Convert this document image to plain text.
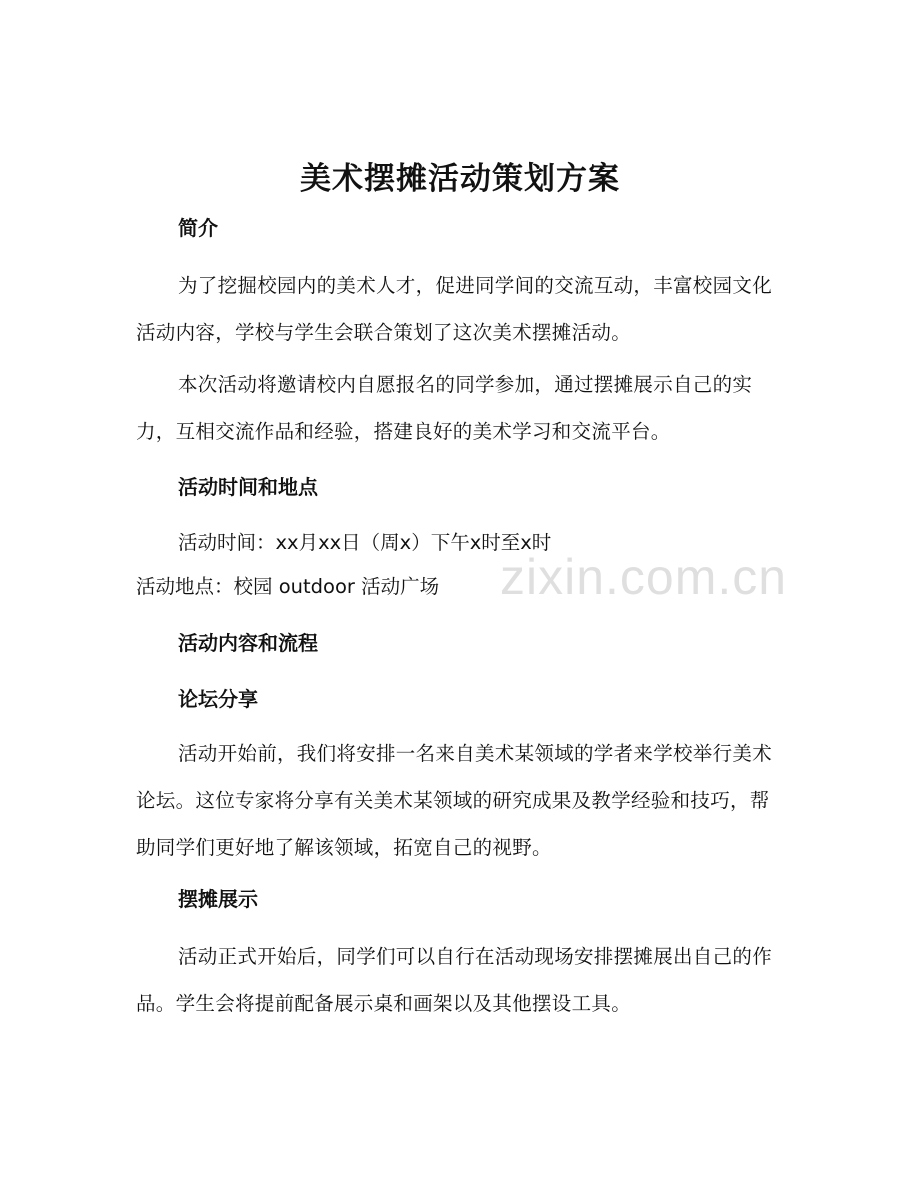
美术摆摊活动策划方案
简介
为了挖掘校园内的美术人才，促进同学间的交流互动，丰富校园文化活动内容，学校与学生会联合策划了这次美术摆摊活动。
本次活动将邀请校内自愿报名的同学参加，通过摆摊展示自己的实力，互相交流作品和经验，搭建良好的美术学习和交流平台。
活动时间和地点
活动时间：xx月xx日（周x）下午x时至x时
活动地点：校园 outdoor 活动广场
活动内容和流程
论坛分享
活动开始前，我们将安排一名来自美术某领域的学者来学校举行美术论坛。这位专家将分享有关美术某领域的研究成果及教学经验和技巧，帮助同学们更好地了解该领域，拓宽自己的视野。
摆摊展示
活动正式开始后，同学们可以自行在活动现场安排摆摊展出自己的作品。学生会将提前配备展示桌和画架以及其他摆设工具。
zixin.com.cn
